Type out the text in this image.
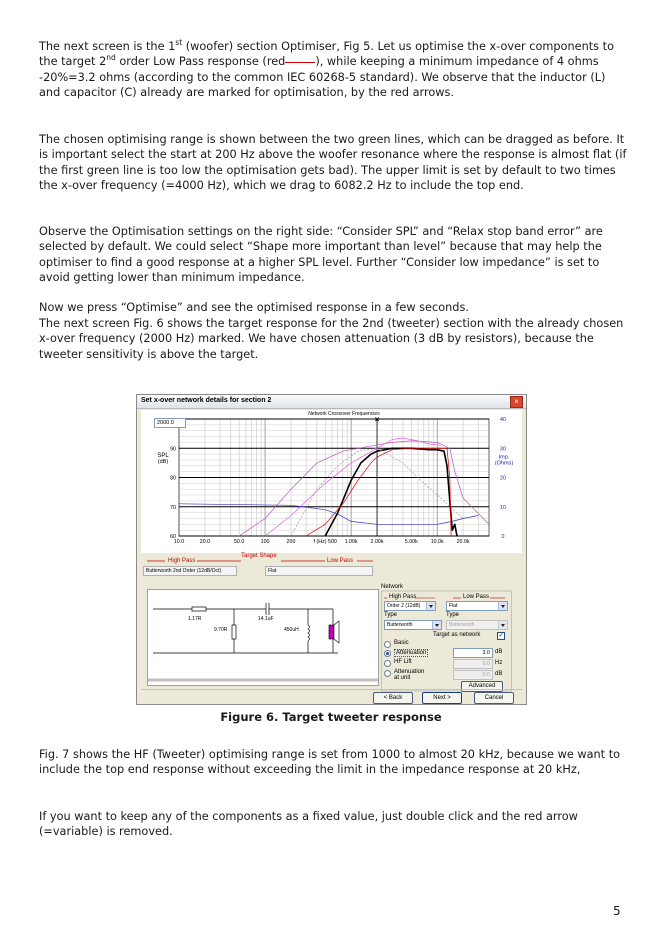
The next screen is the 1st (woofer) section Optimiser, Fig 5. Let us optimise the x-over components to the target 2nd order Low Pass response (red	), while keeping a minimum impedance of 4 ohms -20%=3.2 ohms (according to the common IEC 60268-5 standard). We observe that the inductor (L) and capacitor (C) already are marked for optimisation, by the red arrows.

The chosen optimising range is shown between the two green lines, which can be dragged as before. It is important select the start at 200 Hz above the woofer resonance where the response is almost flat (if the first green line is too low the optimisation gets bad). The upper limit is set by default to two times the x-over frequency (=4000 Hz), which we drag to 6082.2 Hz to include the top end.

Observe the Optimisation settings on the right side: “Consider SPL” and “Relax stop band error” are selected by default. We could select “Shape more important than level” because that may help the optimiser to find a good response at a higher SPL level. Further “Consider low impedance” is set to avoid getting lower than minimum impedance.

Now we press “Optimise” and see the optimised response in a few seconds.

The next screen Fig. 6 shows the target response for the 2nd (tweeter) section with the already chosen x-over frequency (2000 Hz) marked. We have chosen attenuation (3 dB by resistors), because the tweeter sensitivity is above the target.

Set x-over network details for section 2	×
10.0	20.0	50.0	100	200	f (Hz) 500 1.00k 2.00k	5.00k 10.0k 20.0k
60
70
80
90
0
10
20
30
40
SPL
(dB)
Imp.
(Ohms)
Network Crossover Frequencies
×
2000.0
Target Shape
High Pass	Low Pass
Butterworth 2nd Order (12dB/Oct)	Flat
1.17R	14.1uF
9.70R	450uH
Network
High Pass	Low Pass
Order 2 (12dB)	Flat
Type	Type
Butterworth	Butterworth
Target as network	✓
Basic
Attenuation
HF Lift
Attenuation
at unit
3.0 dB
0.0 Hz
0.0 dB
Advanced
< Back	Next >	Cancel
Figure 6. Target tweeter response

Fig. 7 shows the HF (Tweeter) optimising range is set from 1000 to almost 20 kHz, because we want to include the top end response without exceeding the limit in the impedance response at 20 kHz,

If you want to keep any of the components as a fixed value, just double click and the red arrow (=variable) is removed.

5
